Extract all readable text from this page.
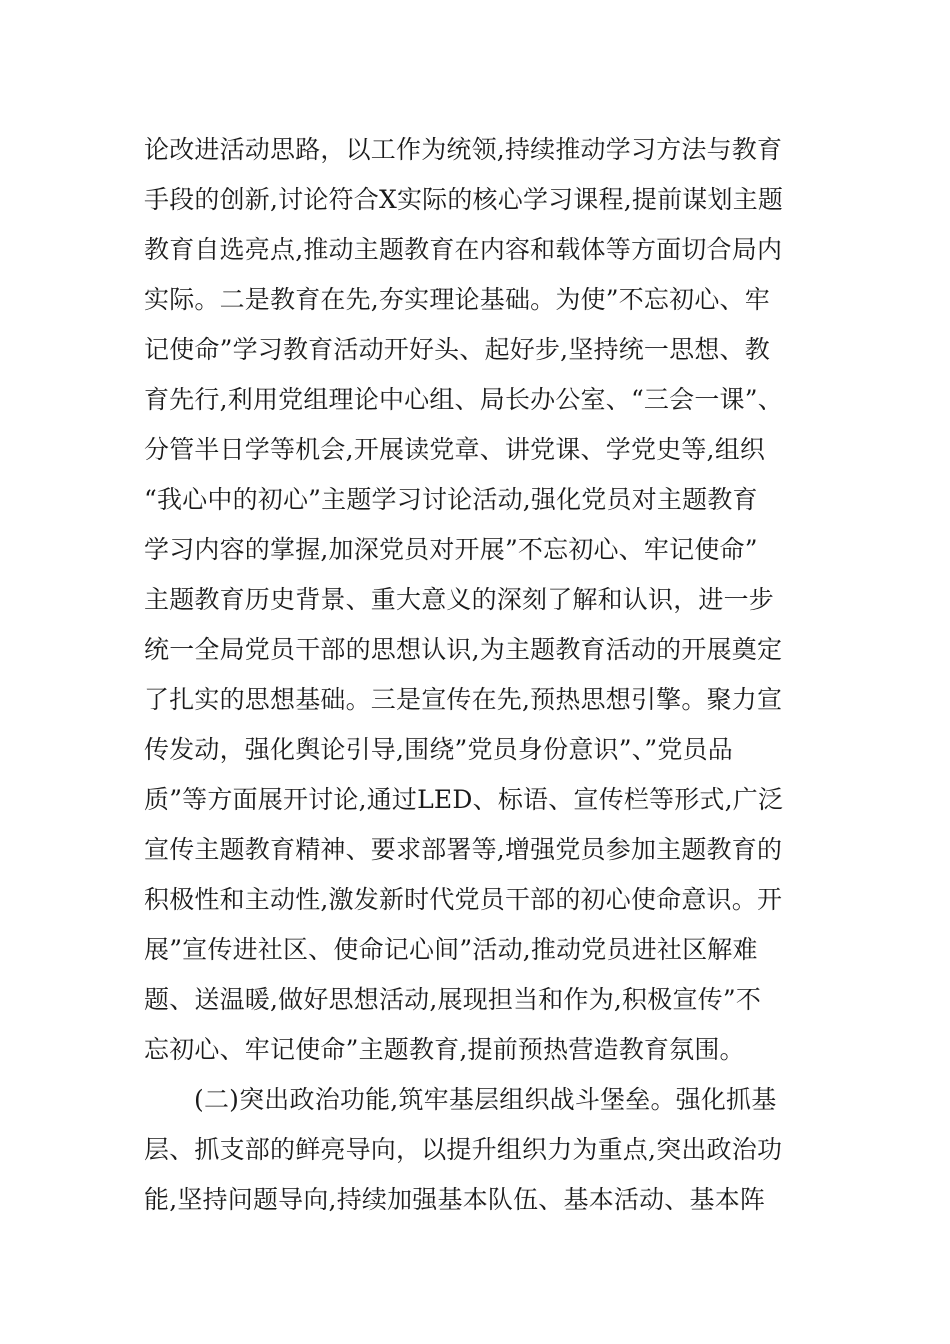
论改进活动思路，以工作为统领,持续推动学习方法与教育
手段的创新,讨论符合X实际的核心学习课程,提前谋划主题
教育自选亮点,推动主题教育在内容和载体等方面切合局内
实际。二是教育在先,夯实理论基础。为使”不忘初心、牢
记使命”学习教育活动开好头、起好步,坚持统一思想、教
育先行,利用党组理论中心组、局长办公室、“三会一课”、
分管半日学等机会,开展读党章、讲党课、学党史等,组织
“我心中的初心”主题学习讨论活动,强化党员对主题教育
学习内容的掌握,加深党员对开展”不忘初心、牢记使命”
主题教育历史背景、重大意义的深刻了解和认识，进一步
统一全局党员干部的思想认识,为主题教育活动的开展奠定
了扎实的思想基础。三是宣传在先,预热思想引擎。聚力宣
传发动，强化舆论引导,围绕”党员身份意识”、”党员品
质”等方面展开讨论,通过LED、标语、宣传栏等形式,广泛
宣传主题教育精神、要求部署等,增强党员参加主题教育的
积极性和主动性,激发新时代党员干部的初心使命意识。开
展”宣传进社区、使命记心间”活动,推动党员进社区解难
题、送温暖,做好思想活动,展现担当和作为,积极宣传”不
忘初心、牢记使命”主题教育,提前预热营造教育氛围。
(二)突出政治功能,筑牢基层组织战斗堡垒。强化抓基
层、抓支部的鲜亮导向，以提升组织力为重点,突出政治功
能,坚持问题导向,持续加强基本队伍、基本活动、基本阵
